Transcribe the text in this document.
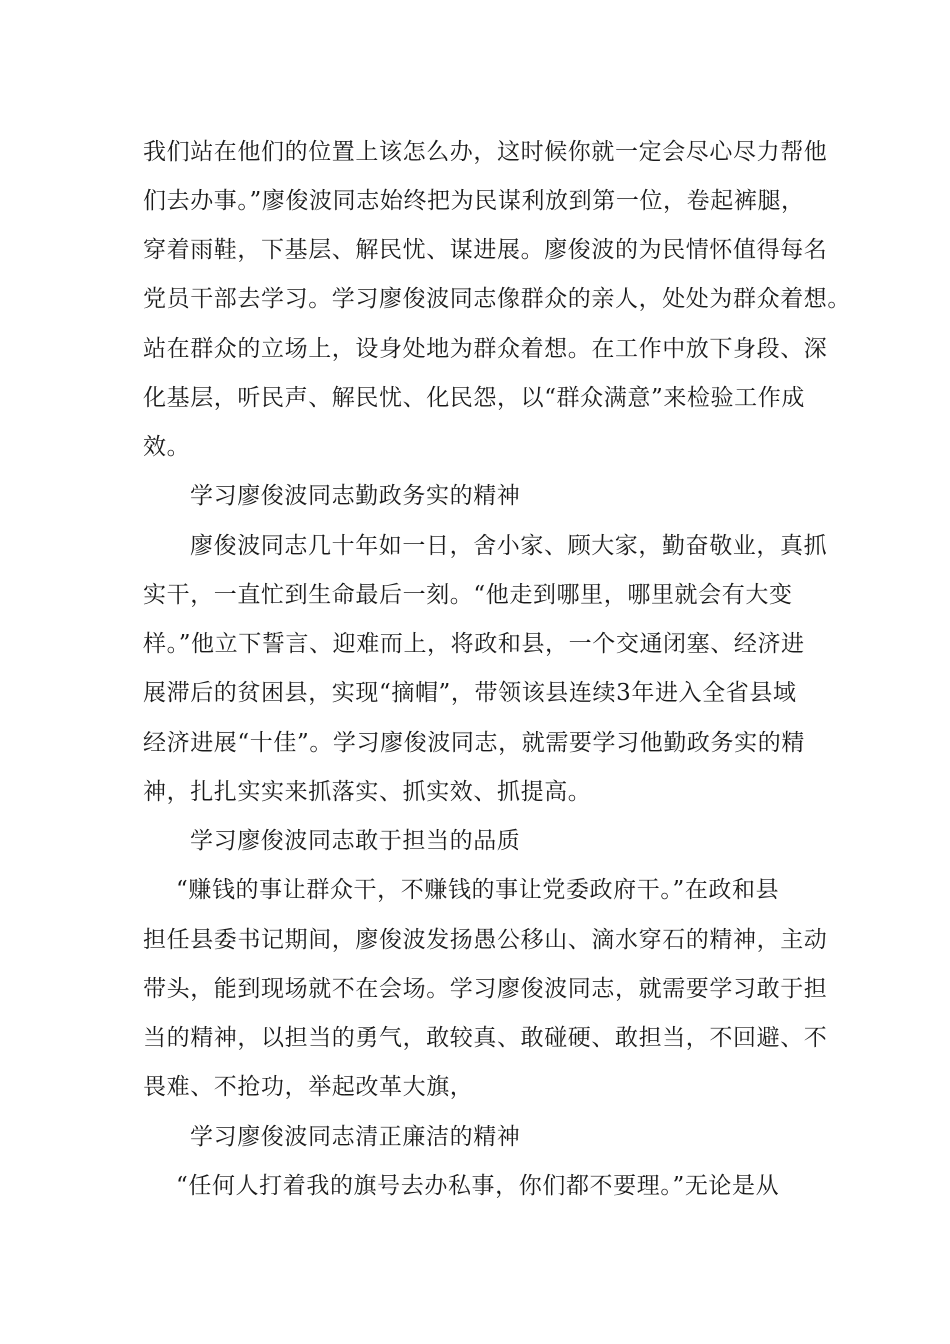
我们站在他们的位置上该怎么办，这时候你就一定会尽心尽力帮他
们去办事。”廖俊波同志始终把为民谋利放到第一位，卷起裤腿，
穿着雨鞋，下基层、解民忧、谋进展。廖俊波的为民情怀值得每名
党员干部去学习。学习廖俊波同志像群众的亲人，处处为群众着想。
站在群众的立场上，设身处地为群众着想。在工作中放下身段、深
化基层，听民声、解民忧、化民怨，以“群众满意”来检验工作成
效。
学习廖俊波同志勤政务实的精神
廖俊波同志几十年如一日，舍小家、顾大家，勤奋敬业，真抓
实干，一直忙到生命最后一刻。“他走到哪里，哪里就会有大变
样。”他立下誓言、迎难而上，将政和县，一个交通闭塞、经济进
展滞后的贫困县，实现“摘帽”，带领该县连续3年进入全省县域
经济进展“十佳”。学习廖俊波同志，就需要学习他勤政务实的精
神，扎扎实实来抓落实、抓实效、抓提高。
学习廖俊波同志敢于担当的品质
“赚钱的事让群众干，不赚钱的事让党委政府干。”在政和县
担任县委书记期间，廖俊波发扬愚公移山、滴水穿石的精神，主动
带头，能到现场就不在会场。学习廖俊波同志，就需要学习敢于担
当的精神，以担当的勇气，敢较真、敢碰硬、敢担当，不回避、不
畏难、不抢功，举起改革大旗，
学习廖俊波同志清正廉洁的精神
“任何人打着我的旗号去办私事，你们都不要理。”无论是从
